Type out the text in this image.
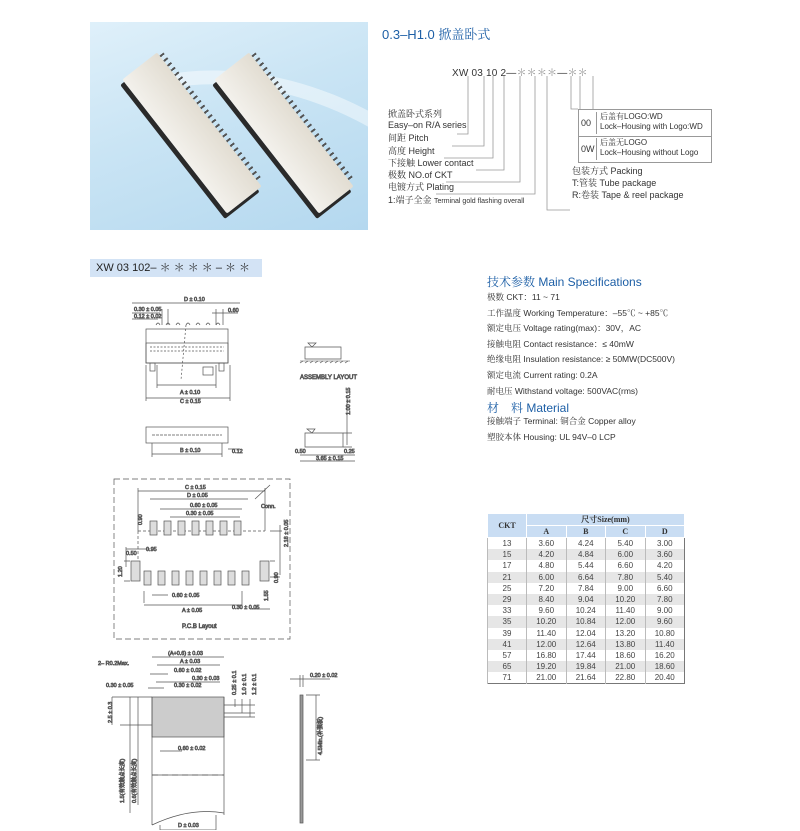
0.3–H1.0 掀盖卧式
XW 03 10 2—＊＊＊＊—＊＊
掀盖卧式系列
Easy–on R/A series
间距 Pitch
高度 Height
下接触 Lower contact
极数 NO.of CKT
电镀方式 Plating
1:端子全金 Terminal gold flashing overall
包装方式 Packing
T:管装 Tube package
R:卷装 Tape & reel package
00
后盖有LOGO:WD
Lock–Housing with Logo:WD
0W
后盖无LOGO
Lock–Housing without Logo
XW 03 102– ＊ ＊ ＊ ＊ – ＊ ＊
技术参数 Main Specifications
极数 CKT：11 ~ 71
工作温度 Working Temperature：–55℃ ~ +85℃
额定电压 Voltage rating(max)：30V，AC
接触电阻 Contact resistance：≤ 40mW
绝缘电阻 Insulation resistance: ≥ 50MW(DC500V)
额定电流 Current rating: 0.2A
耐电压 Withstand voltage: 500VAC(rms)
材　料 Material
接触端子 Terminal: 铜合金 Copper alloy
塑胶本体 Housing: UL 94V–0 LCP
CKT	尺寸Size(mm)
A	B	C	D
13	3.60	4.24	5.40	3.00
15	4.20	4.84	6.00	3.60
17	4.80	5.44	6.60	4.20
21	6.00	6.64	7.80	5.40
25	7.20	7.84	9.00	6.60
29	8.40	9.04	10.20	7.80
33	9.60	10.24	11.40	9.00
35	10.20	10.84	12.00	9.60
39	11.40	12.04	13.20	10.80
41	12.00	12.64	13.80	11.40
57	16.80	17.44	18.60	16.20
65	19.20	19.84	21.00	18.60
71	21.00	21.64	22.80	20.40
D ± 0.10
0.30 ± 0.05
0.12 ± 0.02
0.60
A ± 0.10
C ± 0.15
B ± 0.10	0.12
ASSEMBLY LAYOUT
1.00 ± 0.15
0.50
3.65 ± 0.15
0.25
C ± 0.15
D ± 0.05
0.60 ± 0.05
0.30 ± 0.05
0.90
Conn.
2.18 ± 0.05
0.50
0.95
1.20
0.90
1.55
0.60 ± 0.05
A ± 0.05	0.30 ± 0.05
P.C.B Layout
(A+0.6) ± 0.03
A ± 0.03
2– R0.2Max.
0.60 ± 0.02
0.30 ± 0.03
0.30 ± 0.05	0.30 ± 0.02	0.25 ± 0.1 1.0 ± 0.1 1.2 ± 0.1
2.5 ± 0.3
1.5(有效触点长度)	0.6(有效触点长度)
0.60 ± 0.02
D ± 0.03
0.20 ± 0.02
4.5Min.(补强板)
